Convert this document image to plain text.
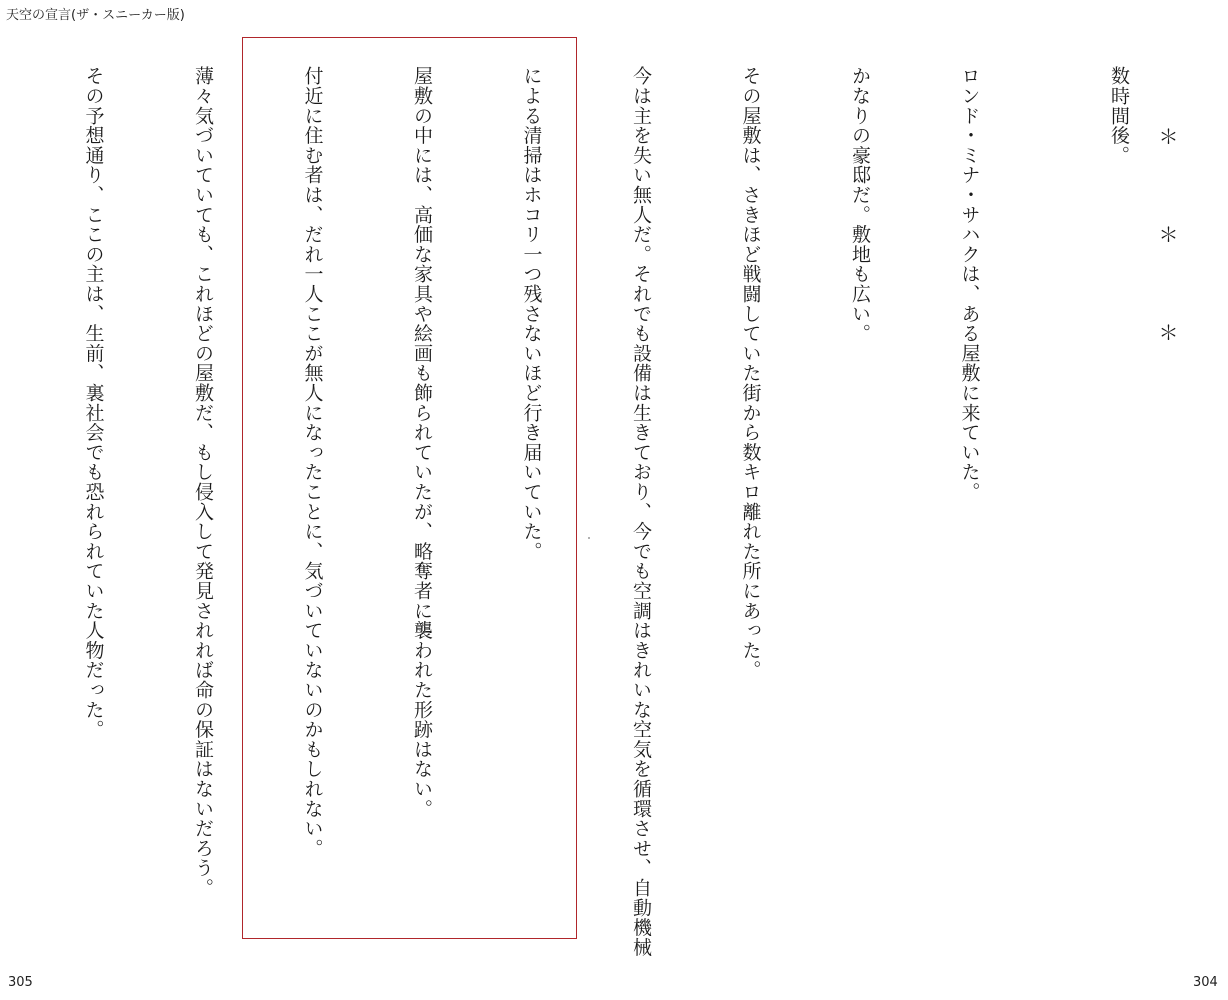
天空の宣言(ザ・スニーカー版)
＊＊＊

数時間後。

ロンド・ミナ・サハクは、ある屋敷に来ていた。

かなりの豪邸だ。敷地も広い。

その屋敷は、さきほど戦闘していた街から数キロ離れた所にあった。

今は主を失い無人だ。それでも設備は生きており、今でも空調はきれいな空気を循環させ、自動機械

による清掃はホコリ一つ残さないほど行き届いていた。

屋敷の中には、高価な家具や絵画も飾られていたが、略奪者に襲われた形跡はない。

付近に住む者は、だれ一人ここが無人になったことに、気づいていないのかもしれない。

薄々気づいていても、これほどの屋敷だ、もし侵入して発見されれば命の保証はないだろう。

その予想通り、ここの主は、生前、裏社会でも恐れられていた人物だった。

305	304
